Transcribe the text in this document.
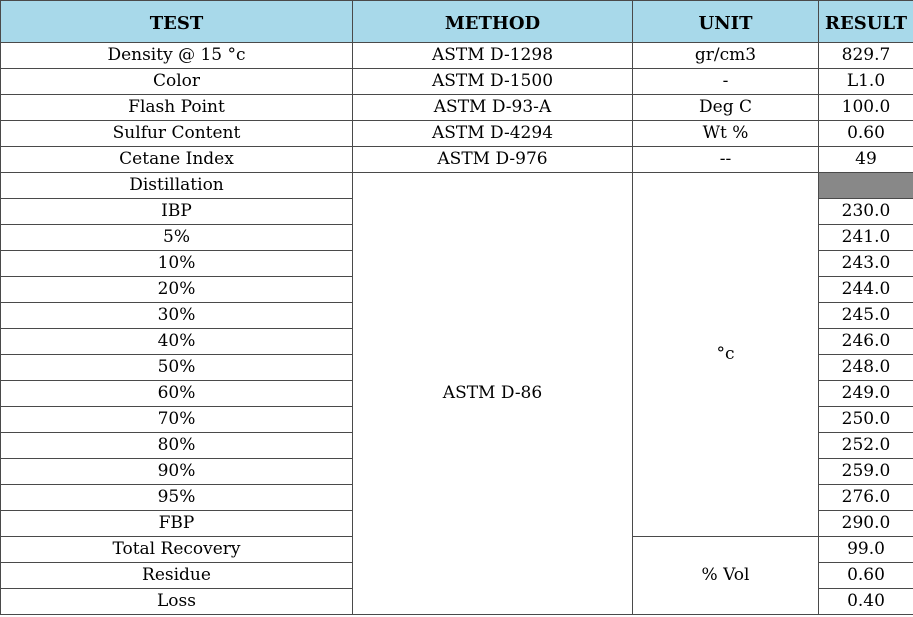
TEST	METHOD	UNIT	RESULT
Density @ 15 °c	ASTM D-1298	gr/cm3	829.7
Color	ASTM D-1500	-	L1.0
Flash Point	ASTM D-93-A	Deg C	100.0
Sulfur Content	ASTM D-4294	Wt %	0.60
Cetane Index	ASTM D-976	--	49
Distillation	ASTM D-86	°c	
IBP			230.0
5%			241.0
10%			243.0
20%			244.0
30%			245.0
40%			246.0
50%			248.0
60%			249.0
70%			250.0
80%			252.0
90%			259.0
95%			276.0
FBP			290.0
Total Recovery		% Vol	99.0
Residue			0.60
Loss			0.40
